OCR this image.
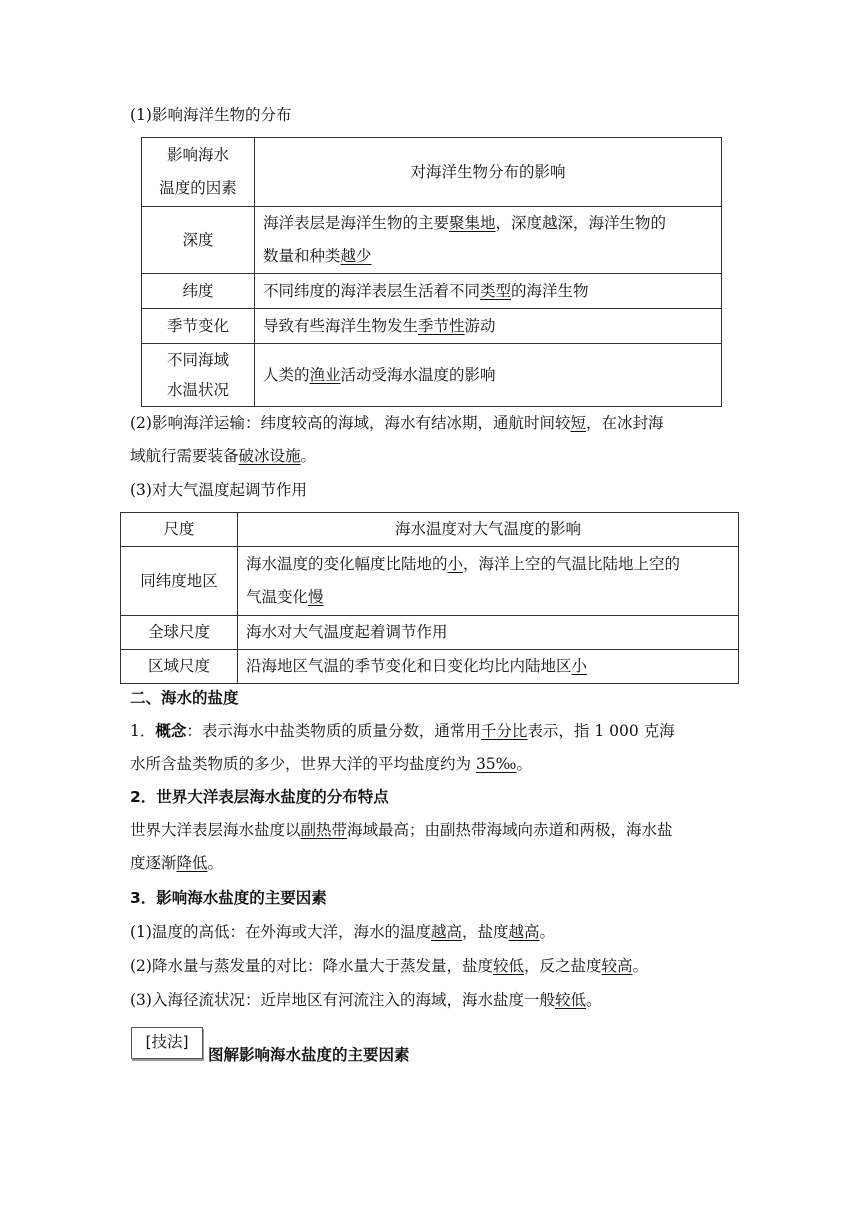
(1)影响海洋生物的分布
影响海水
温度的因素	对海洋生物分布的影响
深度	海洋表层是海洋生物的主要聚集地，深度越深，海洋生物的
数量和种类越少
纬度	不同纬度的海洋表层生活着不同类型的海洋生物
季节变化	导致有些海洋生物发生季节性游动
不同海域
水温状况	人类的渔业活动受海水温度的影响
(2)影响海洋运输：纬度较高的海域，海水有结冰期，通航时间较短，在冰封海
域航行需要装备破冰设施。
(3)对大气温度起调节作用
尺度	海水温度对大气温度的影响
同纬度地区	海水温度的变化幅度比陆地的小，海洋上空的气温比陆地上空的
气温变化慢
全球尺度	海水对大气温度起着调节作用
区域尺度	沿海地区气温的季节变化和日变化均比内陆地区小
二、海水的盐度
1．概念：表示海水中盐类物质的质量分数，通常用千分比表示，指 1 000 克海
水所含盐类物质的多少，世界大洋的平均盐度约为 35‰。
2．世界大洋表层海水盐度的分布特点
世界大洋表层海水盐度以副热带海域最高；由副热带海域向赤道和两极，海水盐
度逐渐降低。
3．影响海水盐度的主要因素
(1)温度的高低：在外海或大洋，海水的温度越高，盐度越高。
(2)降水量与蒸发量的对比：降水量大于蒸发量，盐度较低，反之盐度较高。
(3)入海径流状况：近岸地区有河流注入的海域，海水盐度一般较低。
[技法]
图解影响海水盐度的主要因素
